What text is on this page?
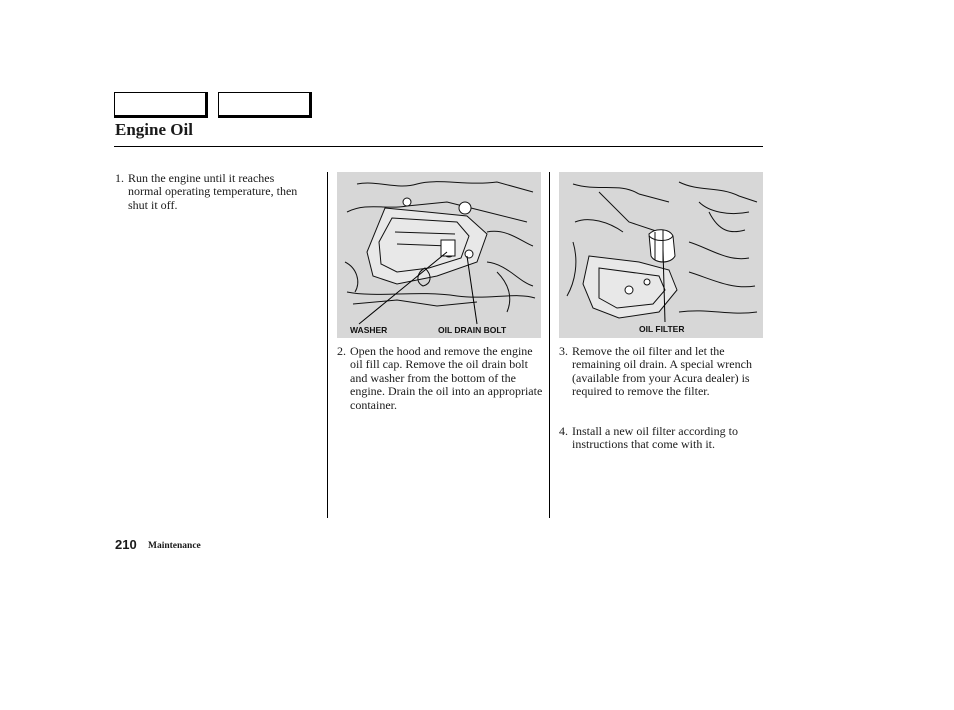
Engine Oil
1. Run the engine until it reaches normal operating temperature, then shut it off.
WASHER	OIL DRAIN BOLT
2. Open the hood and remove the engine oil fill cap. Remove the oil drain bolt and washer from the bottom of the engine. Drain the oil into an appropriate container.
OIL FILTER
3. Remove the oil filter and let the remaining oil drain. A special wrench (available from your Acura dealer) is required to remove the filter.
4. Install a new oil filter according to instructions that come with it.
210 Maintenance
